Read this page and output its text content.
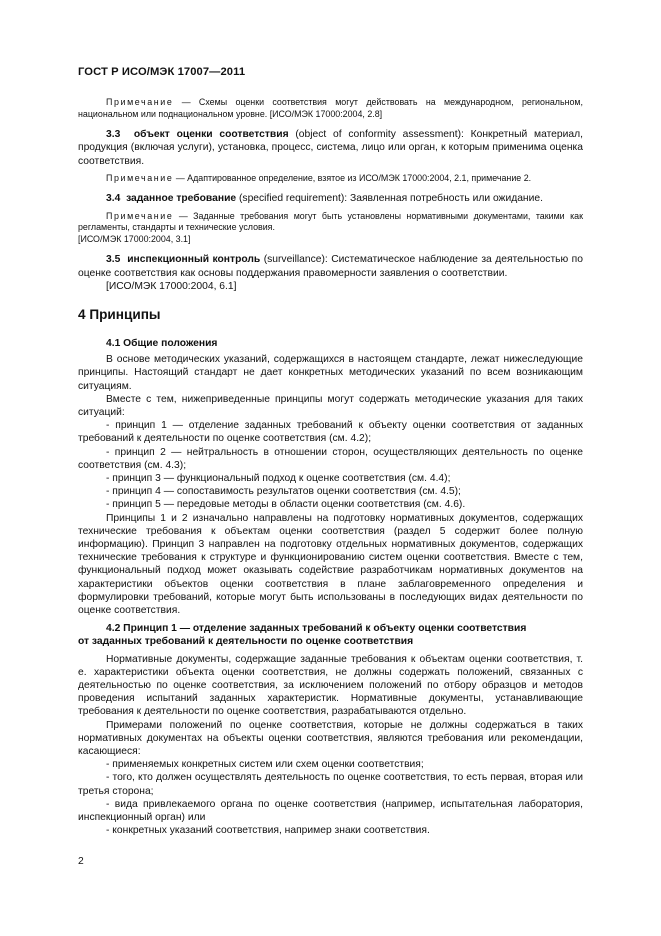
ГОСТ Р ИСО/МЭК 17007—2011

Примечание — Схемы оценки соответствия могут действовать на международном, региональном, национальном или поднациональном уровне. [ИСО/МЭК 17000:2004, 2.8]

3.3 объект оценки соответствия (object of conformity assessment): Конкретный материал, продукция (включая услуги), установка, процесс, система, лицо или орган, к которым применима оценка соответствия.

Примечание — Адаптированное определение, взятое из ИСО/МЭК 17000:2004, 2.1, примечание 2.

3.4 заданное требование (specified requirement): Заявленная потребность или ожидание.

Примечание — Заданные требования могут быть установлены нормативными документами, такими как регламенты, стандарты и технические условия.

[ИСО/МЭК 17000:2004, 3.1]

3.5 инспекционный контроль (surveillance): Систематическое наблюдение за деятельностью по оценке соответствия как основы поддержания правомерности заявления о соответствии.

[ИСО/МЭК 17000:2004, 6.1]

4 Принципы
4.1 Общие положения

В основе методических указаний, содержащихся в настоящем стандарте, лежат нижеследующие принципы. Настоящий стандарт не дает конкретных методических указаний по всем возникающим ситуациям.

Вместе с тем, нижеприведенные принципы могут содержать методические указания для таких ситуаций:

- принцип 1 — отделение заданных требований к объекту оценки соответствия от заданных требований к деятельности по оценке соответствия (см. 4.2);

- принцип 2 — нейтральность в отношении сторон, осуществляющих деятельность по оценке соответствия (см. 4.3);

- принцип 3 — функциональный подход к оценке соответствия (см. 4.4);

- принцип 4 — сопоставимость результатов оценки соответствия (см. 4.5);

- принцип 5 — передовые методы в области оценки соответствия (см. 4.6).

Принципы 1 и 2 изначально направлены на подготовку нормативных документов, содержащих технические требования к объектам оценки соответствия (раздел 5 содержит более полную информацию). Принцип 3 направлен на подготовку отдельных нормативных документов, содержащих технические требования к структуре и функционированию систем оценки соответствия. Вместе с тем, функциональный подход может оказывать содействие разработчикам нормативных документов на характеристики объектов оценки соответствия в плане заблаговременного определения и формулировки требований, которые могут быть использованы в последующих видах деятельности по оценке соответствия.

4.2 Принцип 1 — отделение заданных требований к объекту оценки соответствия
от заданных требований к деятельности по оценке соответствия

Нормативные документы, содержащие заданные требования к объектам оценки соответствия, т. е. характеристики объекта оценки соответствия, не должны содержать положений, связанных с деятельностью по оценке соответствия, за исключением положений по отбору образцов и методов проведения испытаний заданных характеристик. Нормативные документы, устанавливающие требования к деятельности по оценке соответствия, разрабатываются отдельно.

Примерами положений по оценке соответствия, которые не должны содержаться в таких нормативных документах на объекты оценки соответствия, являются требования или рекомендации, касающиеся:

- применяемых конкретных систем или схем оценки соответствия;

- того, кто должен осуществлять деятельность по оценке соответствия, то есть первая, вторая или третья сторона;

- вида привлекаемого органа по оценке соответствия (например, испытательная лаборатория, инспекционный орган) или

- конкретных указаний соответствия, например знаки соответствия.

2
